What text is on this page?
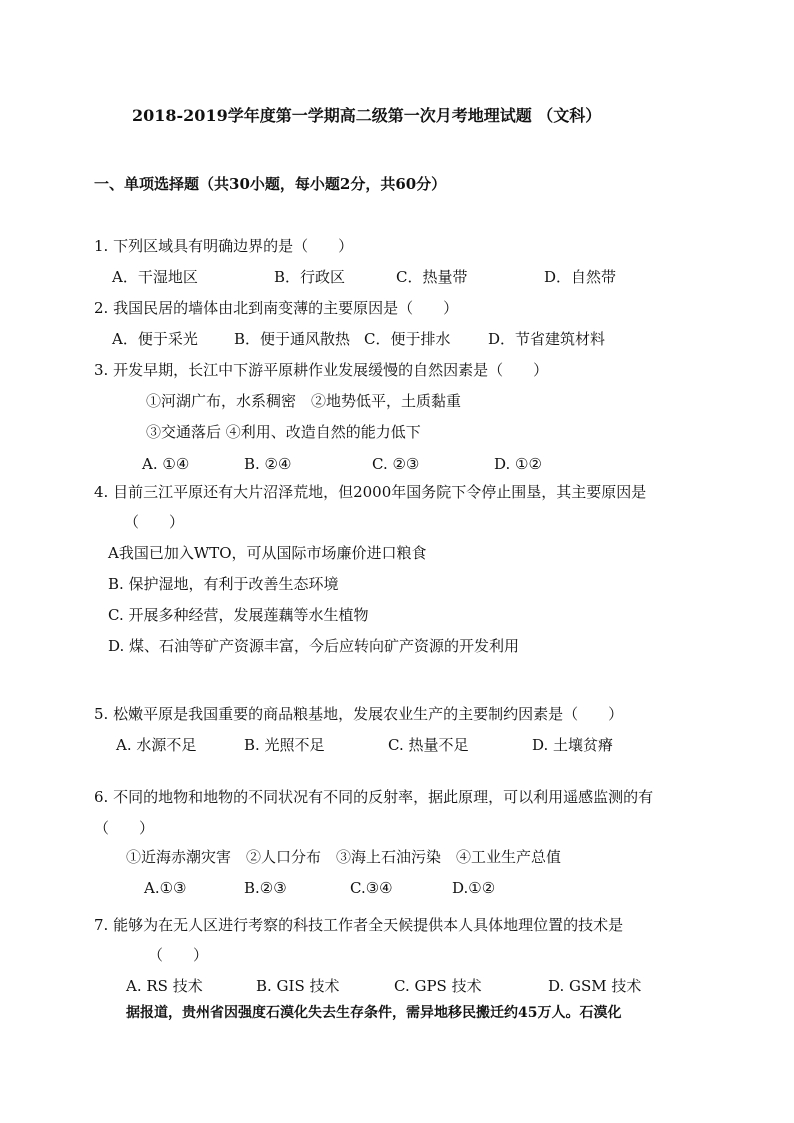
2018-2019学年度第一学期高二级第一次月考地理试题 （文科）
一、单项选择题（共30小题，每小题2分，共60分）
1. 下列区域具有明确边界的是（　　）
A．干湿地区	B．行政区	C．热量带	D．自然带
2. 我国民居的墙体由北到南变薄的主要原因是（　　）
A．便于采光 B．便于通风散热 C．便于排水	D．节省建筑材料
3. 开发早期，长江中下游平原耕作业发展缓慢的自然因素是（　　）
①河湖广布，水系稠密　②地势低平，土质黏重
③交通落后 ④利用、改造自然的能力低下
A. ①④	B. ②④	C. ②③	D. ①②
4. 目前三江平原还有大片沼泽荒地，但2000年国务院下令停止围垦，其主要原因是
（　　）
A我国已加入WTO，可从国际市场廉价进口粮食
B. 保护湿地，有利于改善生态环境
C. 开展多种经营，发展莲藕等水生植物
D. 煤、石油等矿产资源丰富，今后应转向矿产资源的开发利用
5. 松嫩平原是我国重要的商品粮基地，发展农业生产的主要制约因素是（　　）
A. 水源不足	B. 光照不足	C. 热量不足	D. 土壤贫瘠
6. 不同的地物和地物的不同状况有不同的反射率，据此原理，可以利用遥感监测的有
（　　）
①近海赤潮灾害　②人口分布　③海上石油污染　④工业生产总值
A.①③	B.②③	C.③④	D.①②
7. 能够为在无人区进行考察的科技工作者全天候提供本人具体地理位置的技术是
（　　）
A. RS 技术	B. GIS 技术	C. GPS 技术	D. GSM 技术
据报道，贵州省因强度石漠化失去生存条件，需异地移民搬迁约45万人。石漠化
